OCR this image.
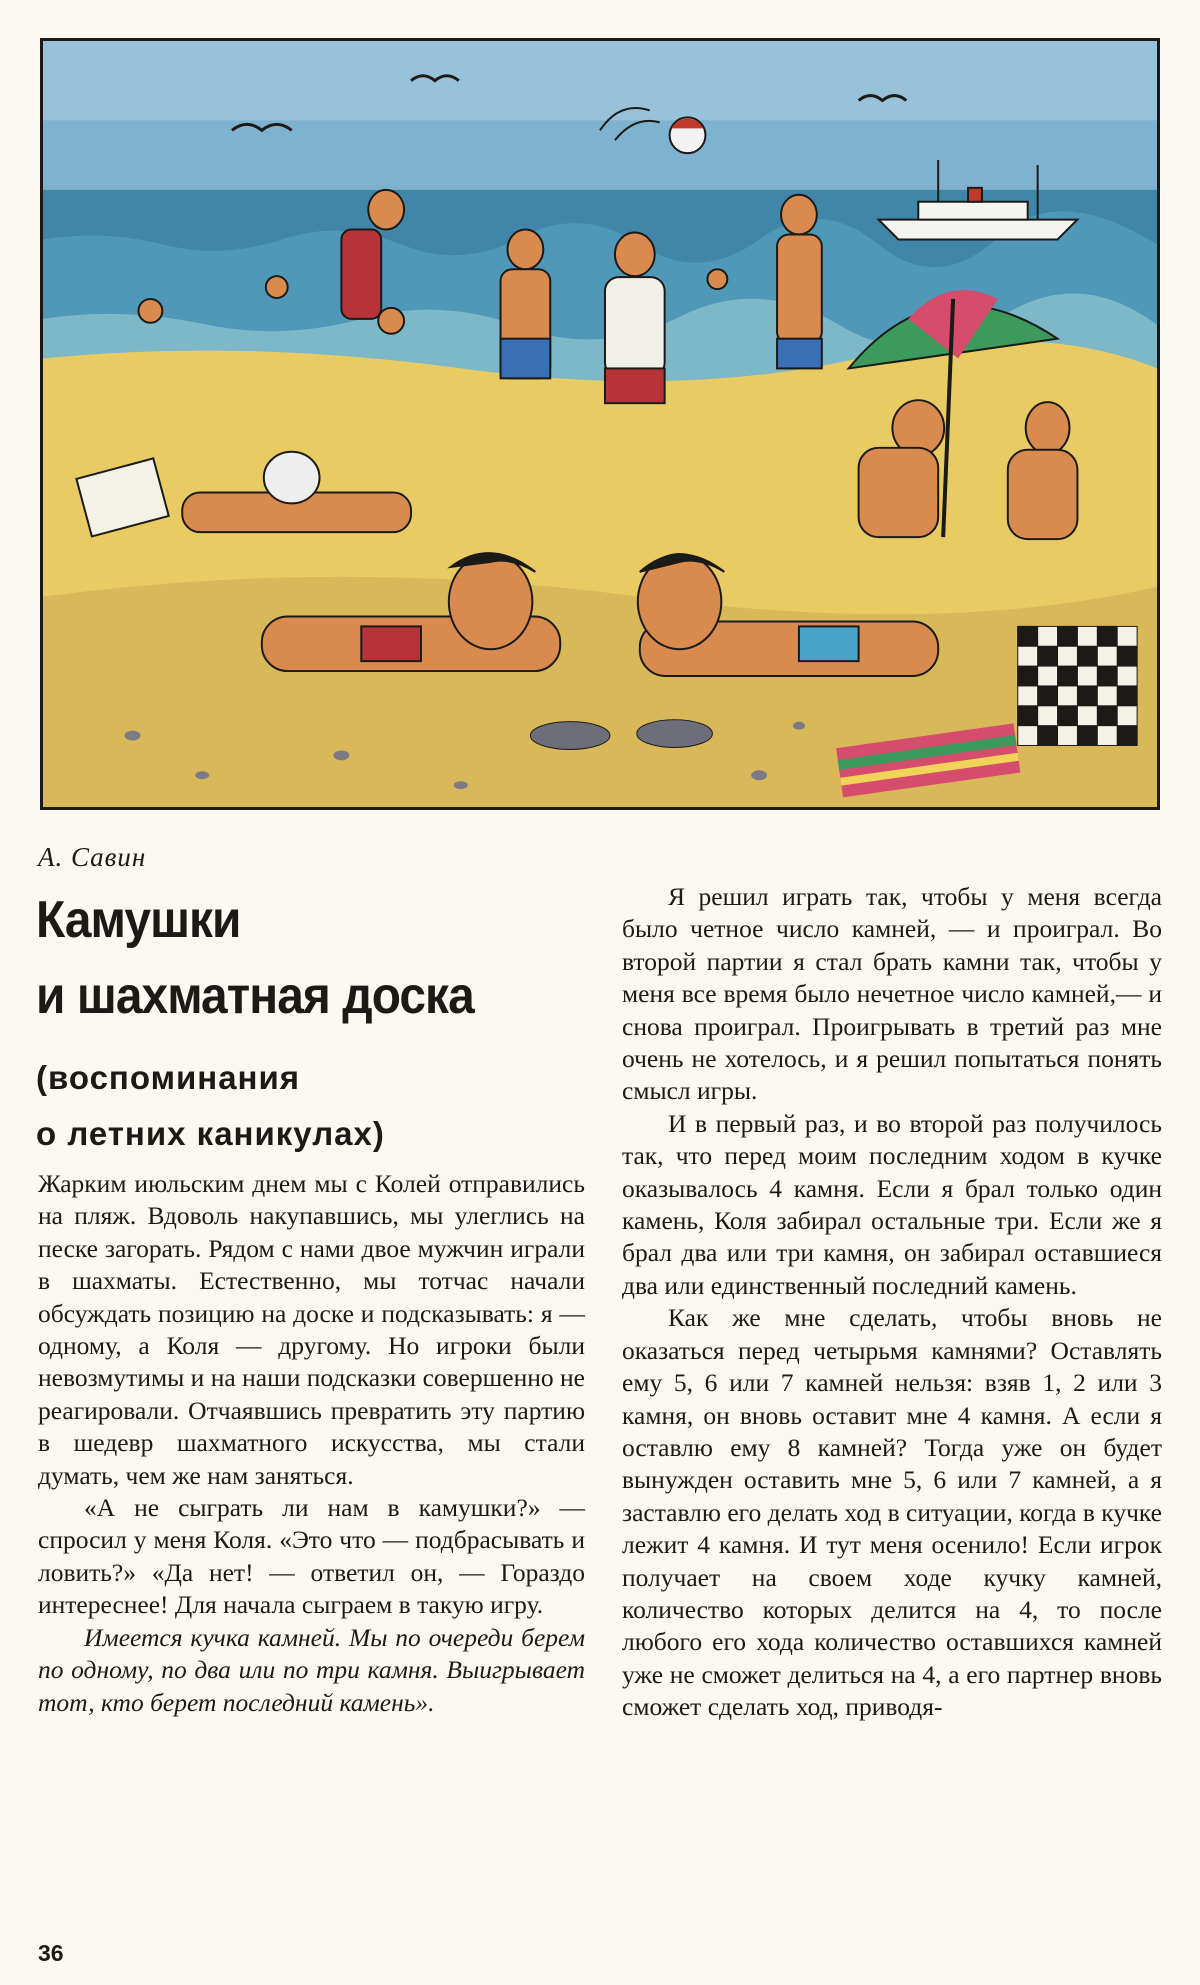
А. Савин
Камушки
и шахматная доска
(воспоминания
о летних каникулах)

Жарким июльским днем мы с Колей отправились на пляж. Вдоволь накупавшись, мы улеглись на песке загорать. Рядом с нами двое мужчин играли в шахматы. Естественно, мы тотчас начали обсуждать позицию на доске и подсказывать: я — одному, а Коля — другому. Но игроки были невозмутимы и на наши подсказки совершенно не реагировали. Отчаявшись превратить эту партию в шедевр шахматного искусства, мы стали думать, чем же нам заняться.

«А не сыграть ли нам в камушки?» — спросил у меня Коля. «Это что — подбрасывать и ловить?» «Да нет! — ответил он, — Гораздо интереснее! Для начала сыграем в такую игру.

Имеется кучка камней. Мы по очереди берем по одному, по два или по три камня. Выигрывает тот, кто берет последний камень».

Я решил играть так, чтобы у меня всегда было четное число камней, — и проиграл. Во второй партии я стал брать камни так, чтобы у меня все время было нечетное число камней,— и снова проиграл. Проигрывать в третий раз мне очень не хотелось, и я решил попытаться понять смысл игры.

И в первый раз, и во второй раз получилось так, что перед моим последним ходом в кучке оказывалось 4 камня. Если я брал только один камень, Коля забирал остальные три. Если же я брал два или три камня, он забирал оставшиеся два или единственный последний камень.

Как же мне сделать, чтобы вновь не оказаться перед четырьмя камнями? Оставлять ему 5, 6 или 7 камней нельзя: взяв 1, 2 или 3 камня, он вновь оставит мне 4 камня. А если я оставлю ему 8 камней? Тогда уже он будет вынужден оставить мне 5, 6 или 7 камней, а я заставлю его делать ход в ситуации, когда в кучке лежит 4 камня. И тут меня осенило! Если игрок получает на своем ходе кучку камней, количество которых делится на 4, то после любого его хода количество оставшихся камней уже не сможет делиться на 4, а его партнер вновь сможет сделать ход, приводя-

36
